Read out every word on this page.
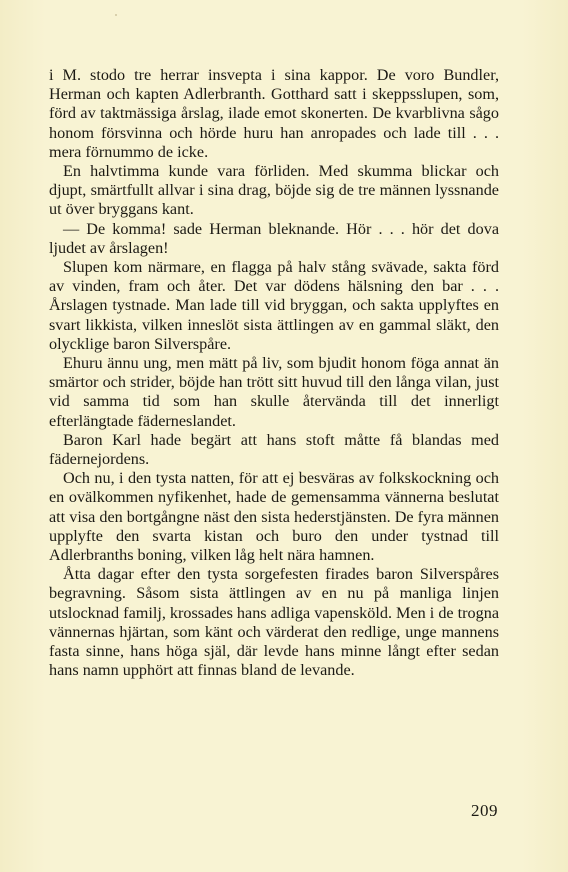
i M. stodo tre herrar insvepta i sina kappor. De voro Bundler, Herman och kapten Adlerbranth. Gotthard satt i skeppsslupen, som, förd av taktmässiga årslag, ilade emot skonerten. De kvarblivna sågo honom försvinna och hörde huru han anropades och lade till . . . mera förnummo de icke.

En halvtimma kunde vara förliden. Med skumma blickar och djupt, smärtfullt allvar i sina drag, böjde sig de tre männen lyssnande ut över bryggans kant.

— De komma! sade Herman bleknande. Hör . . . hör det dova ljudet av årslagen!

Slupen kom närmare, en flagga på halv stång svävade, sakta förd av vinden, fram och åter. Det var dödens hälsning den bar . . . Årslagen tystnade. Man lade till vid bryggan, och sakta upplyftes en svart likkista, vilken inneslöt sista ättlingen av en gammal släkt, den olycklige baron Silverspåre.

Ehuru ännu ung, men mätt på liv, som bjudit honom föga annat än smärtor och strider, böjde han trött sitt huvud till den långa vilan, just vid samma tid som han skulle återvända till det innerligt efterlängtade fäderneslandet.

Baron Karl hade begärt att hans stoft måtte få blandas med fädernejordens.

Och nu, i den tysta natten, för att ej besväras av folkskockning och en ovälkommen nyfikenhet, hade de gemensamma vännerna beslutat att visa den bortgångne näst den sista hederstjänsten. De fyra männen upplyfte den svarta kistan och buro den under tystnad till Adlerbranths boning, vilken låg helt nära hamnen.

Åtta dagar efter den tysta sorgefesten firades baron Silverspåres begravning. Såsom sista ättlingen av en nu på manliga linjen utslocknad familj, krossades hans adliga vapensköld. Men i de trogna vännernas hjärtan, som känt och värderat den redlige, unge mannens fasta sinne, hans höga själ, där levde hans minne långt efter sedan hans namn upphört att finnas bland de levande.

209
